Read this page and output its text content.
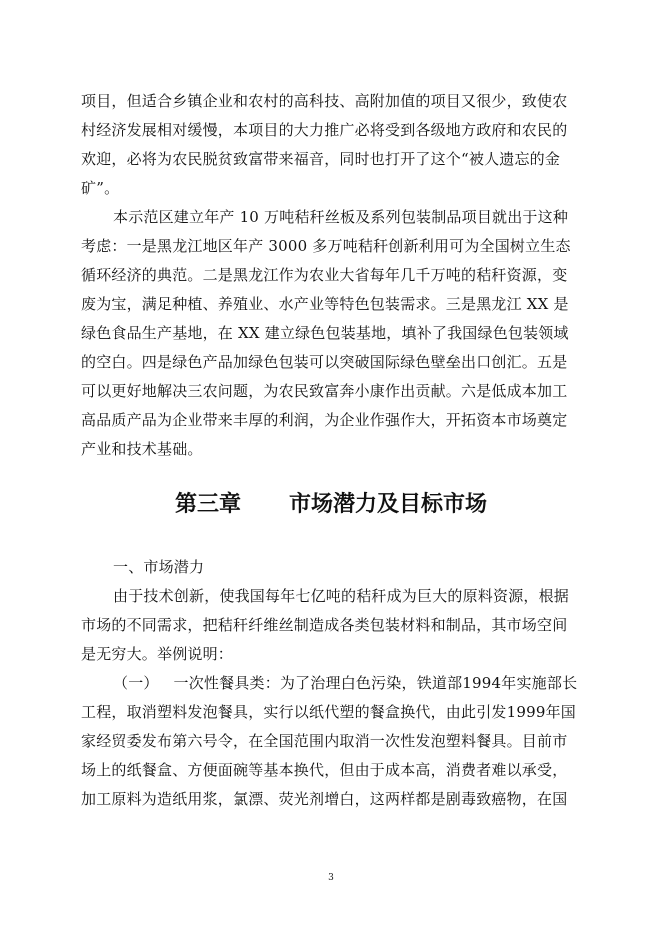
项目，但适合乡镇企业和农村的高科技、高附加值的项目又很少，致使农
村经济发展相对缓慢，本项目的大力推广必将受到各级地方政府和农民的
欢迎，必将为农民脱贫致富带来福音，同时也打开了这个“被人遗忘的金
矿”。
本示范区建立年产 10 万吨秸秆丝板及系列包装制品项目就出于这种
考虑：一是黑龙江地区年产 3000 多万吨秸秆创新利用可为全国树立生态
循环经济的典范。二是黑龙江作为农业大省每年几千万吨的秸秆资源，变
废为宝，满足种植、养殖业、水产业等特色包装需求。三是黑龙江 XX 是
绿色食品生产基地，在 XX 建立绿色包装基地，填补了我国绿色包装领域
的空白。四是绿色产品加绿色包装可以突破国际绿色壁垒出口创汇。五是
可以更好地解决三农问题，为农民致富奔小康作出贡献。六是低成本加工
高品质产品为企业带来丰厚的利润，为企业作强作大，开拓资本市场奠定
产业和技术基础。
第三章 市场潜力及目标市场
一、市场潜力
由于技术创新，使我国每年七亿吨的秸秆成为巨大的原料资源，根据
市场的不同需求，把秸秆纤维丝制造成各类包装材料和制品，其市场空间
是无穷大。举例说明：
（一）   一次性餐具类：为了治理白色污染，铁道部1994年实施部长
工程，取消塑料发泡餐具，实行以纸代塑的餐盒换代，由此引发1999年国
家经贸委发布第六号令，在全国范围内取消一次性发泡塑料餐具。目前市
场上的纸餐盒、方便面碗等基本换代，但由于成本高，消费者难以承受，
加工原料为造纸用浆，氯漂、荧光剂增白，这两样都是剧毒致癌物，在国
3
